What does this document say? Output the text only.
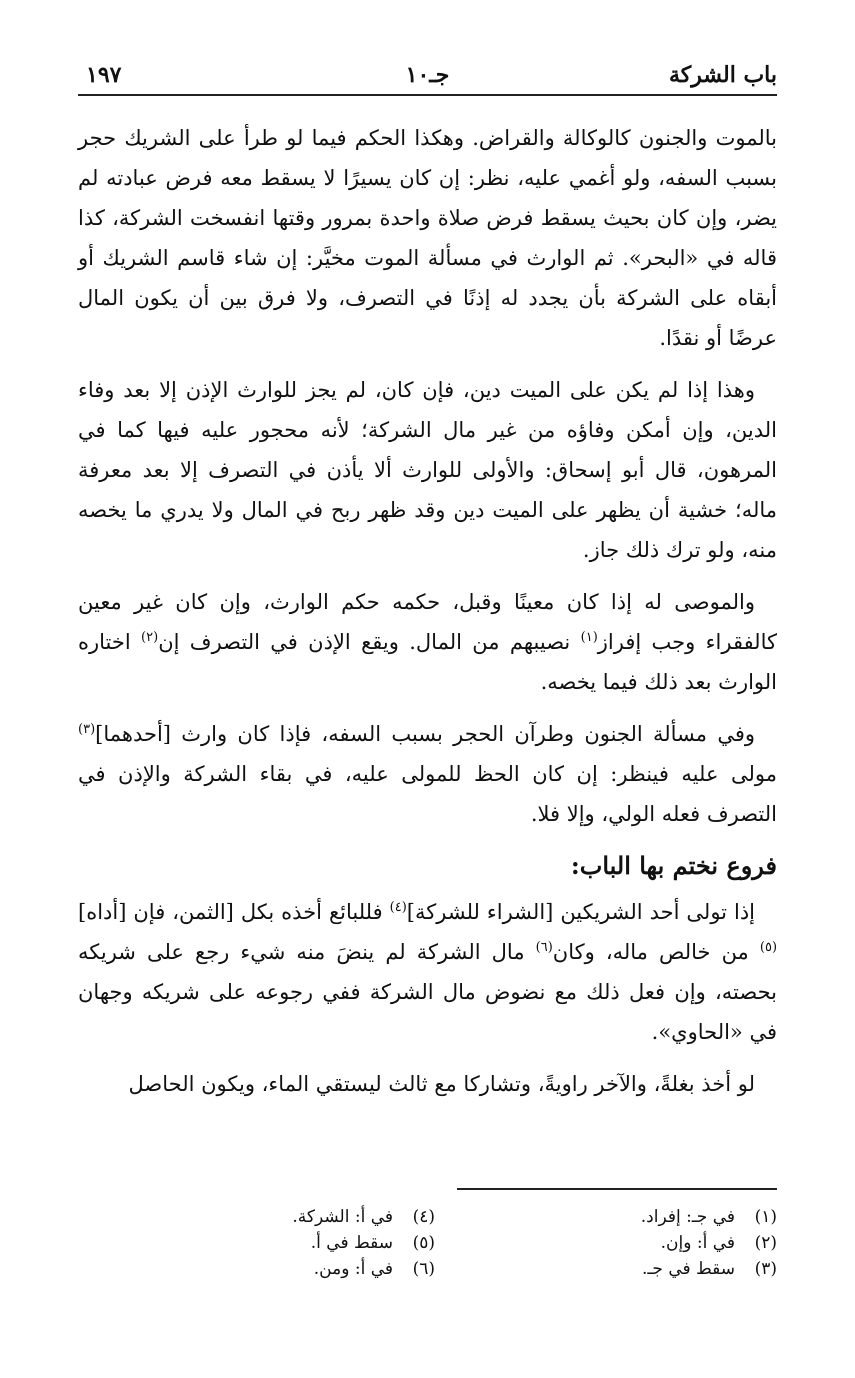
باب الشركة
جـ١٠
١٩٧

بالموت والجنون كالوكالة والقراض. وهكذا الحكم فيما لو طرأ على الشريك حجر بسبب السفه، ولو أغمي عليه، نظر: إن كان يسيرًا لا يسقط معه فرض عبادته لم يضر، وإن كان بحيث يسقط فرض صلاة واحدة بمرور وقتها انفسخت الشركة، كذا قاله في «البحر». ثم الوارث في مسألة الموت مخيَّر: إن شاء قاسم الشريك أو أبقاه على الشركة بأن يجدد له إذنًا في التصرف، ولا فرق بين أن يكون المال عرضًا أو نقدًا.

وهذا إذا لم يكن على الميت دين، فإن كان، لم يجز للوارث الإذن إلا بعد وفاء الدين، وإن أمكن وفاؤه من غير مال الشركة؛ لأنه محجور عليه فيها كما في المرهون، قال أبو إسحاق: والأولى للوارث ألا يأذن في التصرف إلا بعد معرفة ماله؛ خشية أن يظهر على الميت دين وقد ظهر ربح في المال ولا يدري ما يخصه منه، ولو ترك ذلك جاز.

والموصى له إذا كان معينًا وقبل، حكمه حكم الوارث، وإن كان غير معين كالفقراء وجب إفراز$^{(١)}$ نصيبهم من المال. ويقع الإذن في التصرف إن$^{(٢)}$ اختاره الوارث بعد ذلك فيما يخصه.

وفي مسألة الجنون وطرآن الحجر بسبب السفه، فإذا كان وارث [أحدهما]$^{(٣)}$ مولى عليه فينظر: إن كان الحظ للمولى عليه، في بقاء الشركة والإذن في التصرف فعله الولي، وإلا فلا.

فروع نختم بها الباب:

إذا تولى أحد الشريكين [الشراء للشركة]$^{(٤)}$ فللبائع أخذه بكل [الثمن، فإن [أداه]$^{(٥)}$ من خالص ماله، وكان$^{(٦)}$ مال الشركة لم ينضَ منه شيء رجع على شريكه بحصته، وإن فعل ذلك مع نضوض مال الشركة ففي رجوعه على شريكه وجهان في «الحاوي».

لو أخذ بغلةً، والآخر راويةً، وتشاركا مع ثالث ليستقي الماء، ويكون الحاصل

(١)في جـ: إفراد.
(٢)في أ: وإن.
(٣)سقط في جـ.
(٤)في أ: الشركة.
(٥)سقط في أ.
(٦)في أ: ومن.
